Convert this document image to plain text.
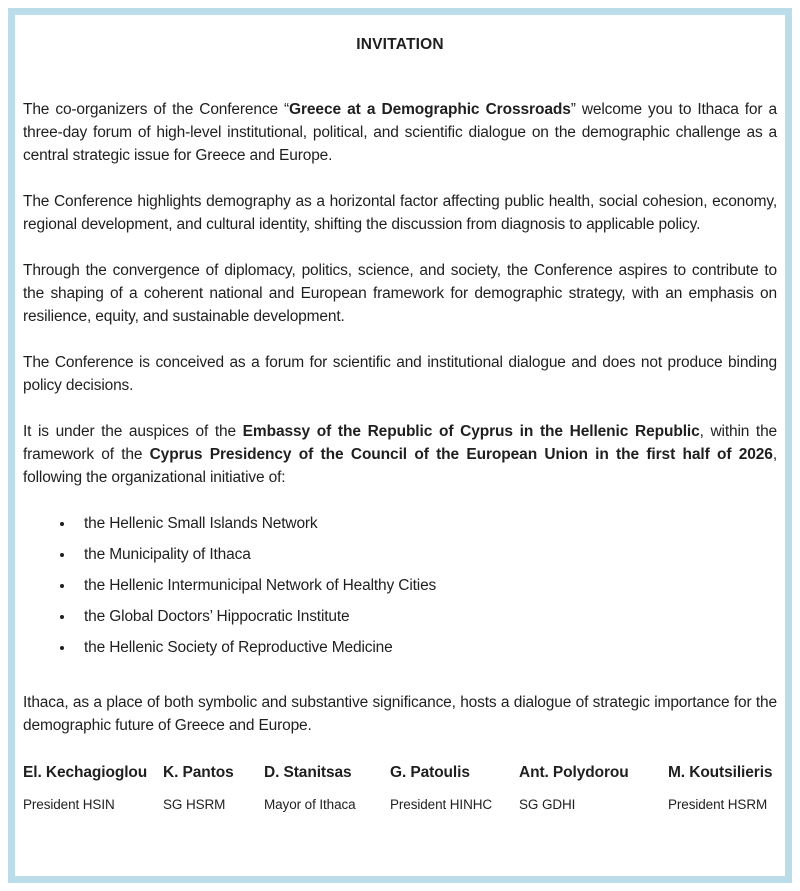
INVITATION

The co-organizers of the Conference “Greece at a Demographic Crossroads” welcome you to Ithaca for a three-day forum of high-level institutional, political, and scientific dialogue on the demographic challenge as a central strategic issue for Greece and Europe.

The Conference highlights demography as a horizontal factor affecting public health, social cohesion, economy, regional development, and cultural identity, shifting the discussion from diagnosis to applicable policy.

Through the convergence of diplomacy, politics, science, and society, the Conference aspires to contribute to the shaping of a coherent national and European framework for demographic strategy, with an emphasis on resilience, equity, and sustainable development.

The Conference is conceived as a forum for scientific and institutional dialogue and does not produce binding policy decisions.

It is under the auspices of the Embassy of the Republic of Cyprus in the Hellenic Republic, within the framework of the Cyprus Presidency of the Council of the European Union in the first half of 2026, following the organizational initiative of:

• the Hellenic Small Islands Network
• the Municipality of Ithaca
• the Hellenic Intermunicipal Network of Healthy Cities
• the Global Doctors’ Hippocratic Institute
• the Hellenic Society of Reproductive Medicine

Ithaca, as a place of both symbolic and substantive significance, hosts a dialogue of strategic importance for the demographic future of Greece and Europe.

El. Kechagioglou
President HSIN
K. Pantos
SG HSRM
D. Stanitsas
Mayor of Ithaca
G. Patoulis
President HINHC
Ant. Polydorou
SG GDHI
M. Koutsilieris
President HSRM
